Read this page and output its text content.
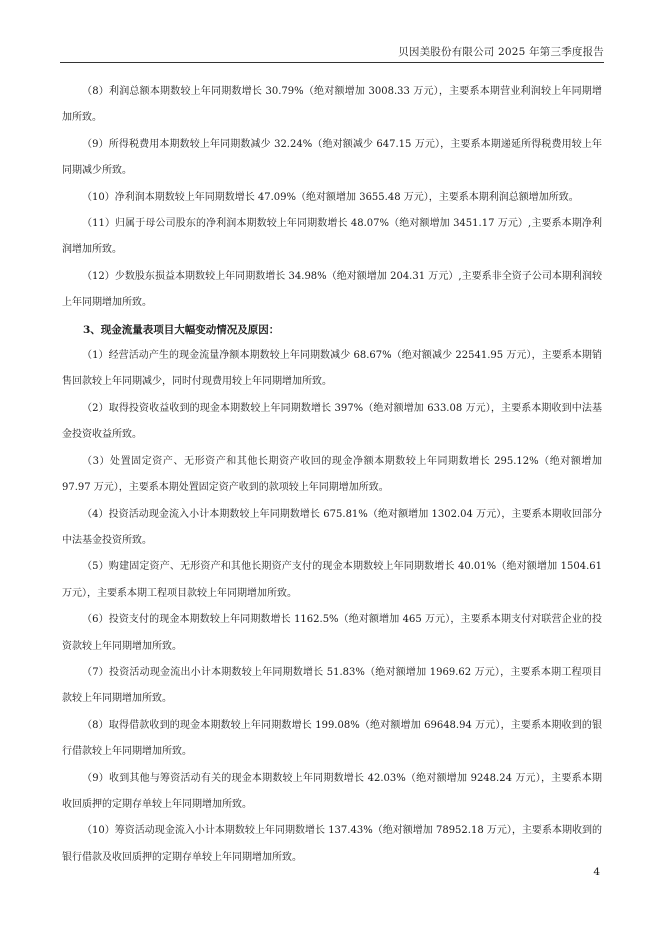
贝因美股份有限公司 2025 年第三季度报告

（8）利润总额本期数较上年同期数增长 30.79%（绝对额增加 3008.33 万元），主要系本期营业利润较上年同期增加所致。

（9）所得税费用本期数较上年同期数减少 32.24%（绝对额减少 647.15 万元），主要系本期递延所得税费用较上年同期减少所致。

（10）净利润本期数较上年同期数增长 47.09%（绝对额增加 3655.48 万元），主要系本期利润总额增加所致。

（11）归属于母公司股东的净利润本期数较上年同期数增长 48.07%（绝对额增加 3451.17 万元）,主要系本期净利润增加所致。

（12）少数股东损益本期数较上年同期数增长 34.98%（绝对额增加 204.31 万元）,主要系非全资子公司本期利润较上年同期增加所致。

3、现金流量表项目大幅变动情况及原因：

（1）经营活动产生的现金流量净额本期数较上年同期数减少 68.67%（绝对额减少 22541.95 万元），主要系本期销售回款较上年同期减少，同时付现费用较上年同期增加所致。

（2）取得投资收益收到的现金本期数较上年同期数增长 397%（绝对额增加 633.08 万元），主要系本期收到中法基金投资收益所致。

（3）处置固定资产、无形资产和其他长期资产收回的现金净额本期数较上年同期数增长 295.12%（绝对额增加 97.97 万元），主要系本期处置固定资产收到的款项较上年同期增加所致。

（4）投资活动现金流入小计本期数较上年同期数增长 675.81%（绝对额增加 1302.04 万元），主要系本期收回部分中法基金投资所致。

（5）购建固定资产、无形资产和其他长期资产支付的现金本期数较上年同期数增长 40.01%（绝对额增加 1504.61 万元），主要系本期工程项目款较上年同期增加所致。

（6）投资支付的现金本期数较上年同期数增长 1162.5%（绝对额增加 465 万元），主要系本期支付对联营企业的投资款较上年同期增加所致。

（7）投资活动现金流出小计本期数较上年同期数增长 51.83%（绝对额增加 1969.62 万元），主要系本期工程项目款较上年同期增加所致。

（8）取得借款收到的现金本期数较上年同期数增长 199.08%（绝对额增加 69648.94 万元），主要系本期收到的银行借款较上年同期增加所致。

（9）收到其他与筹资活动有关的现金本期数较上年同期数增长 42.03%（绝对额增加 9248.24 万元），主要系本期收回质押的定期存单较上年同期增加所致。

（10）筹资活动现金流入小计本期数较上年同期数增长 137.43%（绝对额增加 78952.18 万元），主要系本期收到的银行借款及收回质押的定期存单较上年同期增加所致。

4
